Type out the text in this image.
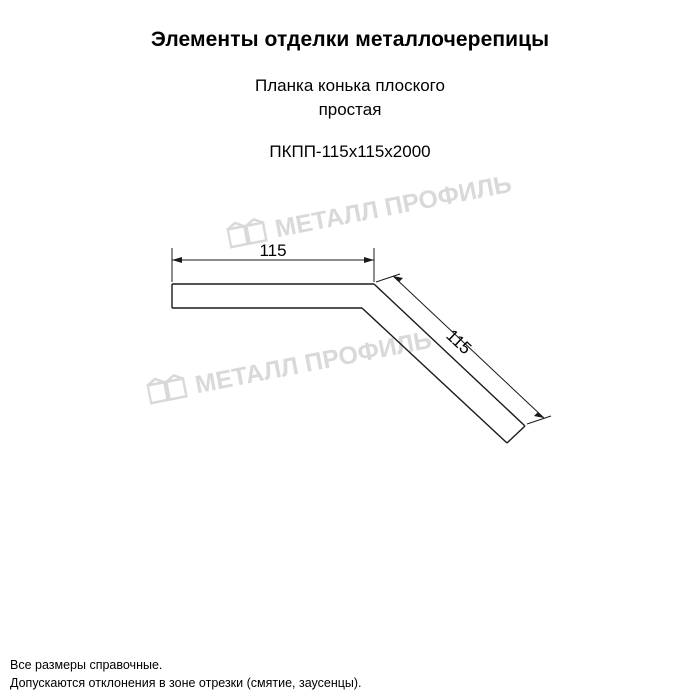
Элементы отделки металлочерепицы
Планка конька плоского
простая
ПКПП-115x115x2000
МЕТАЛЛ ПРОФИЛЬ
МЕТАЛЛ ПРОФИЛЬ
115
115
Все размеры справочные.
Допускаются отклонения в зоне отрезки (смятие, заусенцы).
